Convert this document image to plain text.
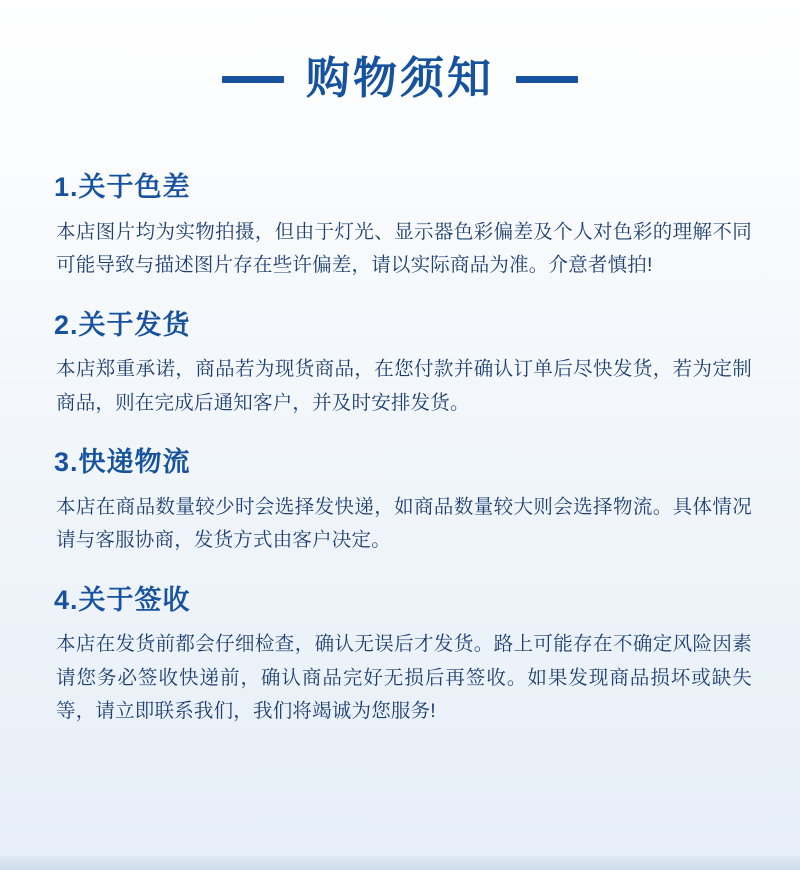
购物须知
1.关于色差

本店图片均为实物拍摄，但由于灯光、显示器色彩偏差及个人对色彩的理解不同可能导致与描述图片存在些许偏差，请以实际商品为准。介意者慎拍!

2.关于发货

本店郑重承诺，商品若为现货商品，在您付款并确认订单后尽快发货，若为定制商品，则在完成后通知客户，并及时安排发货。

3.快递物流

本店在商品数量较少时会选择发快递，如商品数量较大则会选择物流。具体情况请与客服协商，发货方式由客户决定。

4.关于签收

本店在发货前都会仔细检查，确认无误后才发货。路上可能存在不确定风险因素请您务必签收快递前，确认商品完好无损后再签收。如果发现商品损坏或缺失等，请立即联系我们，我们将竭诚为您服务!
